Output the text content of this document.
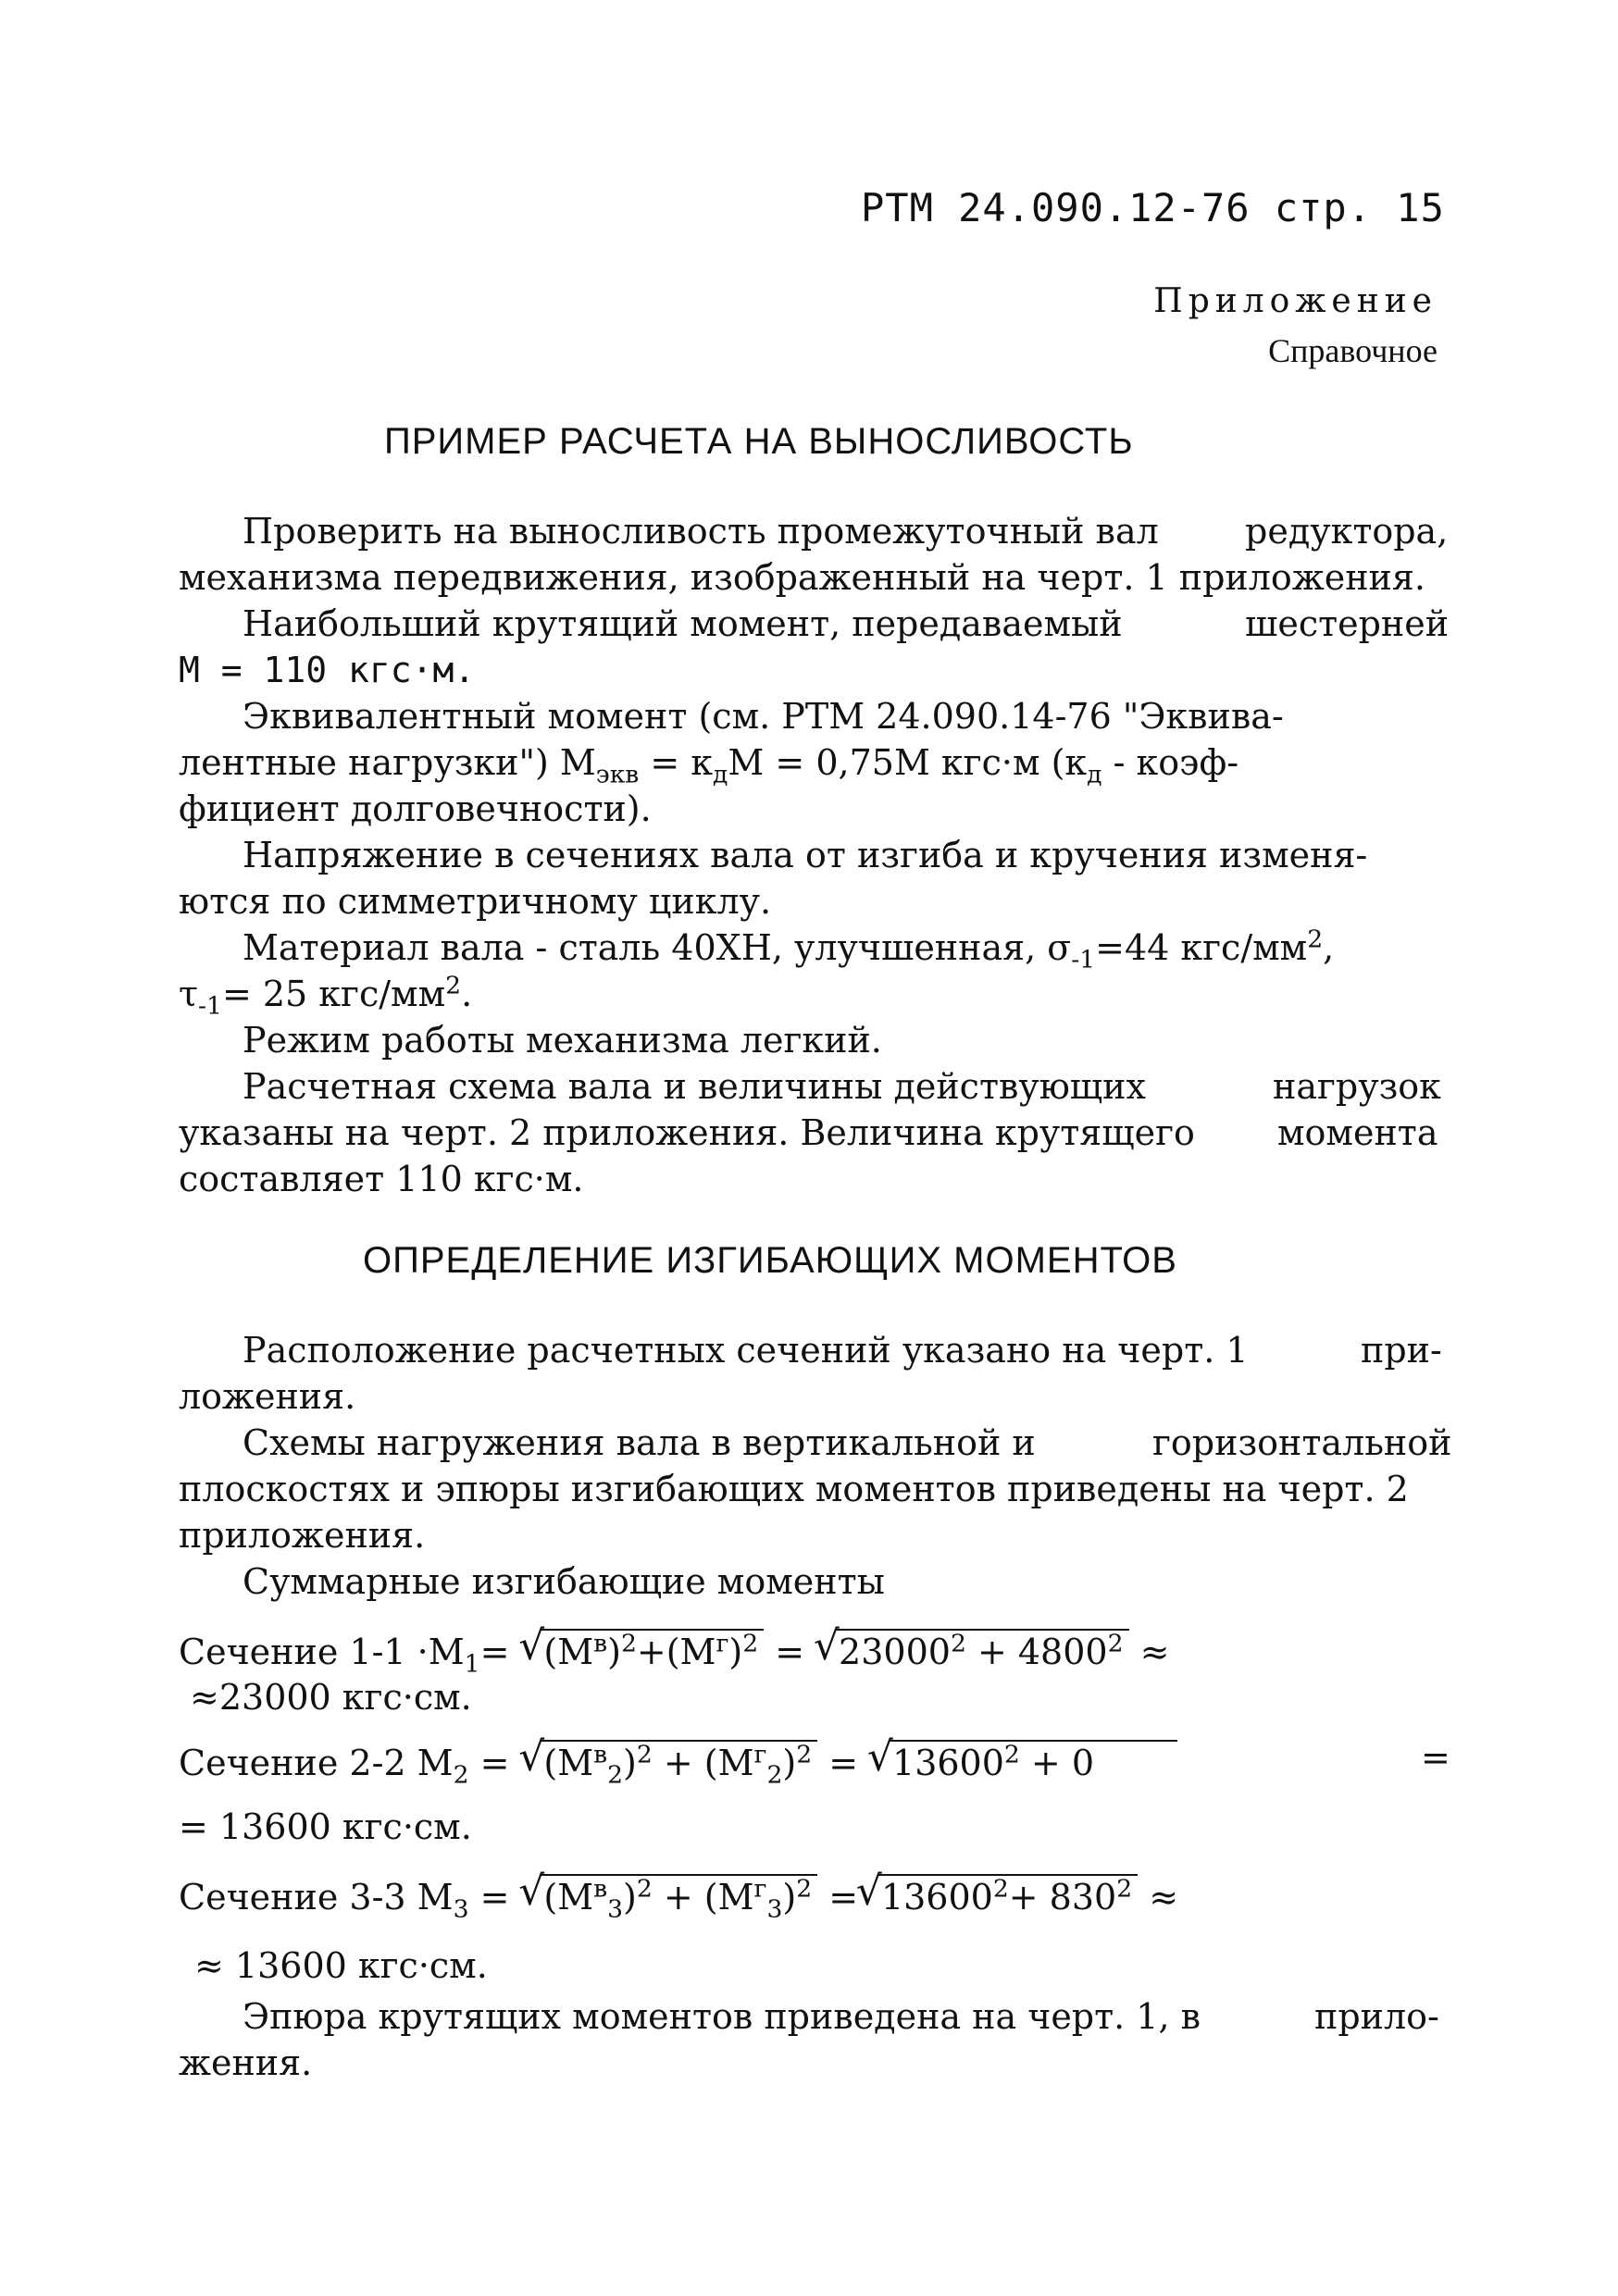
РТМ 24.090.12-76 стр. 15
Приложение
Справочное
ПРИМЕР РАСЧЕТА НА ВЫНОСЛИВОСТЬ
Проверить на выносливость промежуточный вал редуктора,
механизма передвижения, изображенный на черт. 1 приложения.
Наибольший крутящий момент, передаваемый	шестерней
M = 110 кгс·м.
Эквивалентный момент (см. РТМ 24.090.14-76 "Эквива-
лентные нагрузки") $M_{экв} = к_дM = 0,75M$ кгс·м ($к_д$ - коэф-
фициент долговечности).
Напряжение в сечениях вала от изгиба и кручения изменя-
ются по симметричному циклу.
Материал вала - сталь 40ХН, улучшенная, $\sigma_{-1}=44$ кгс/$мм^2$,
$\tau_{-1}= 25$ кгс/$мм^2$.
Режим работы механизма легкий.
Расчетная схема вала и величины действующих	нагрузок
указаны на черт. 2 приложения. Величина крутящего момента
составляет 110 кгс·м.
ОПРЕДЕЛЕНИЕ ИЗГИБАЮЩИХ МОМЕНТОВ
Расположение расчетных сечений указано на черт. 1	при-
ложения.
Схемы нагружения вала в вертикальной и	горизонтальной
плоскостях и эпюры изгибающих моментов приведены на черт. 2
приложения.
Суммарные изгибающие моменты
Сечение $1-1 \cdot M_1=$ √ $(M^в)^2+(M^г)^2$ = √ $23000^2 + 4800^2$ ≈
≈23000 кгс·см.
Сечение 2-2 $M_2$ = √ $(M^в_2)^2 + (M^г_2)^2$ = √ $13600^2 + 0$	=
= 13600 кгс·см.
Сечение 3-3 $M_3$ = √ $(M^в_3)^2 + (M^г_3)^2$ = √ $13600^2+ 830^2$ ≈
≈ 13600 кгс·см.
Эпюра крутящих моментов приведена на черт. 1, в	прило-
жения.
